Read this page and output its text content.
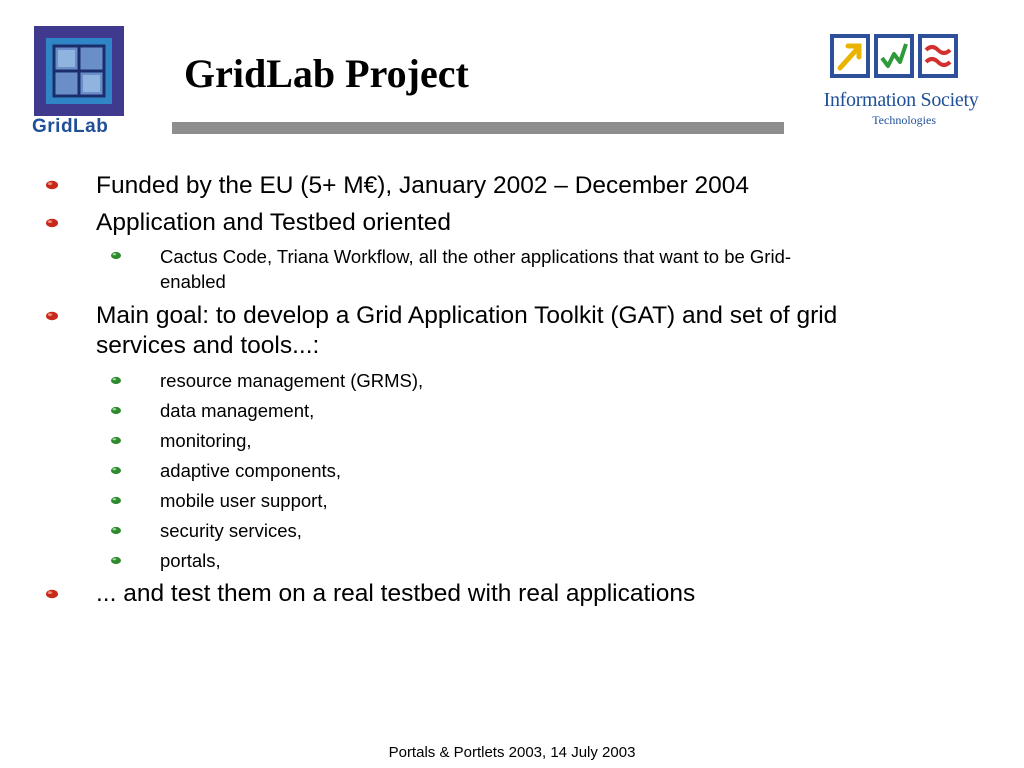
GridLab
GridLab Project
Information Society
Technologies
Funded by the EU (5+ M€), January 2002 – December 2004
Application and Testbed oriented
Cactus Code, Triana Workflow, all the other applications that want to be Grid-
enabled
Main goal: to develop a Grid Application Toolkit (GAT) and set of grid
services and tools...:
resource management (GRMS),
data management,
monitoring,
adaptive components,
mobile user support,
security services,
portals,
... and test them on a real testbed with real applications
Portals & Portlets 2003, 14 July 2003
